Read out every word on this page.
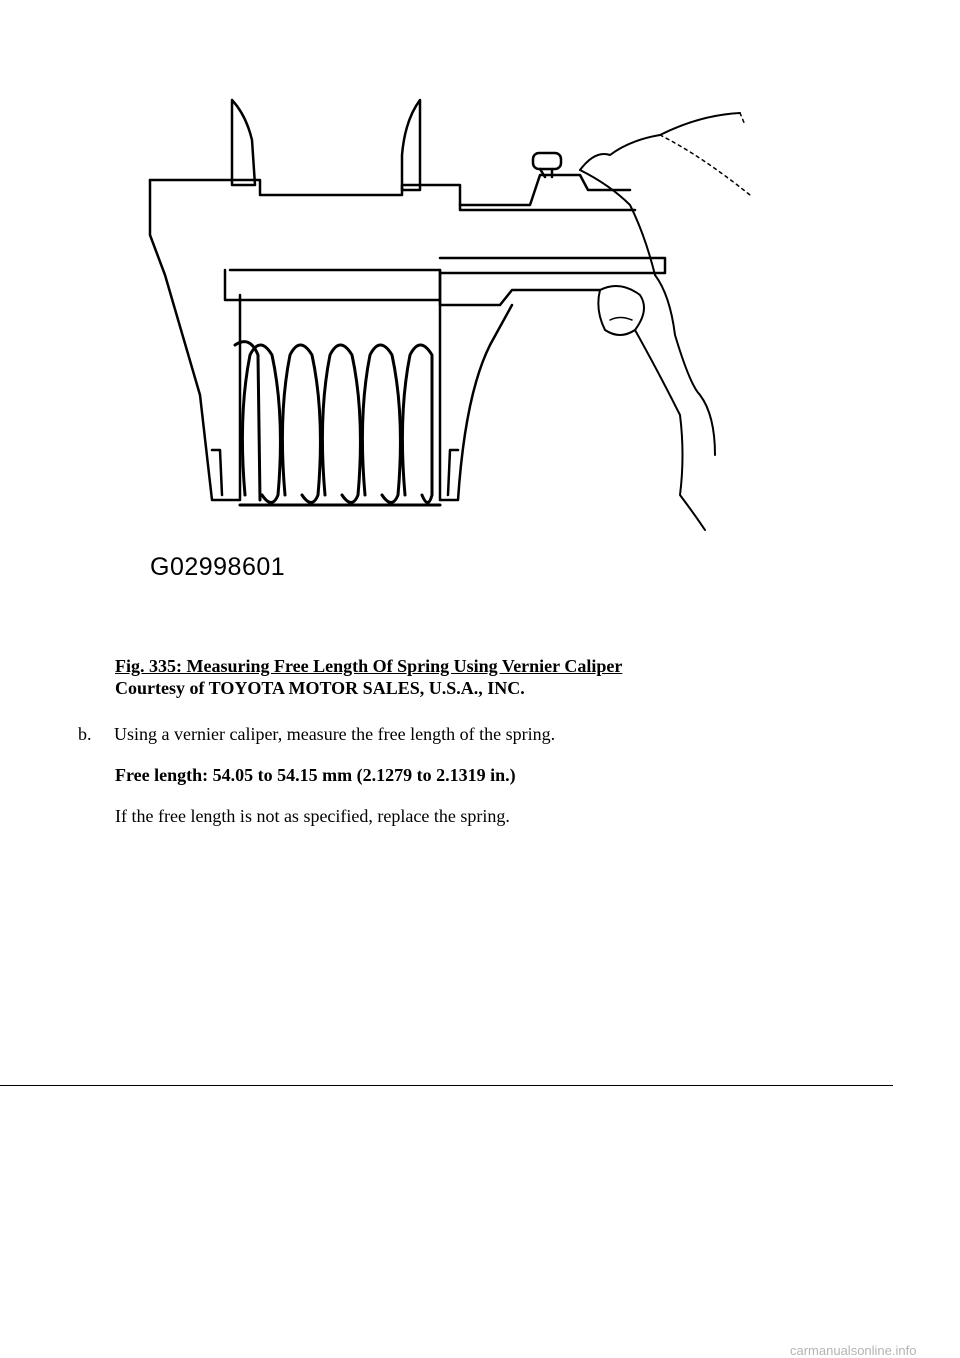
G02998601
Fig. 335: Measuring Free Length Of Spring Using Vernier Caliper
Courtesy of TOYOTA MOTOR SALES, U.S.A., INC.
b. Using a vernier caliper, measure the free length of the spring.
Free length: 54.05 to 54.15 mm (2.1279 to 2.1319 in.)
If the free length is not as specified, replace the spring.
carmanualsonline.info
